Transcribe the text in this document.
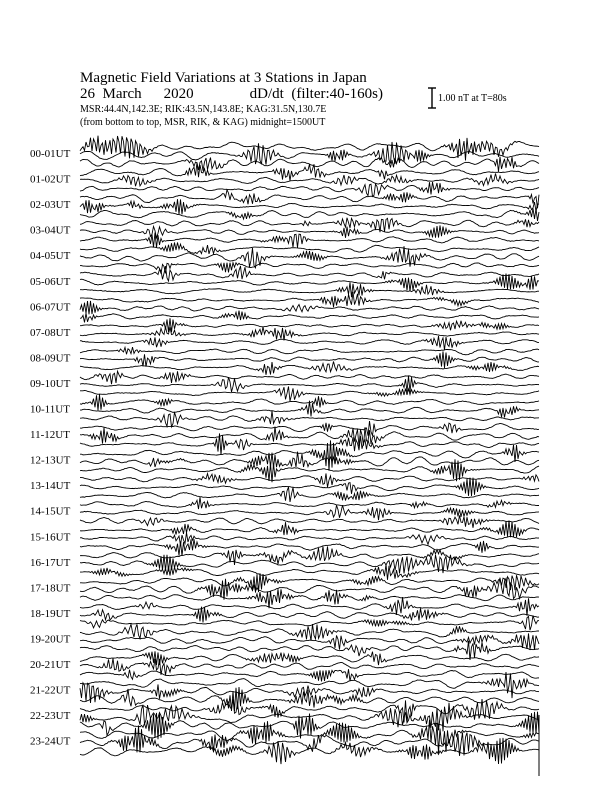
Magnetic Field Variations at 3 Stations in Japan
26 March 2020	dD/dt (filter:40-160s)
MSR:44.4N,142.3E; RIK:43.5N,143.8E; KAG:31.5N,130.7E
(from bottom to top, MSR, RIK, & KAG) midnight=1500UT
1.00 nT at T=80s
00-01UT
01-02UT
02-03UT
03-04UT
04-05UT
05-06UT
06-07UT
07-08UT
08-09UT
09-10UT
10-11UT
11-12UT
12-13UT
13-14UT
14-15UT
15-16UT
16-17UT
17-18UT
18-19UT
19-20UT
20-21UT
21-22UT
22-23UT
23-24UT
